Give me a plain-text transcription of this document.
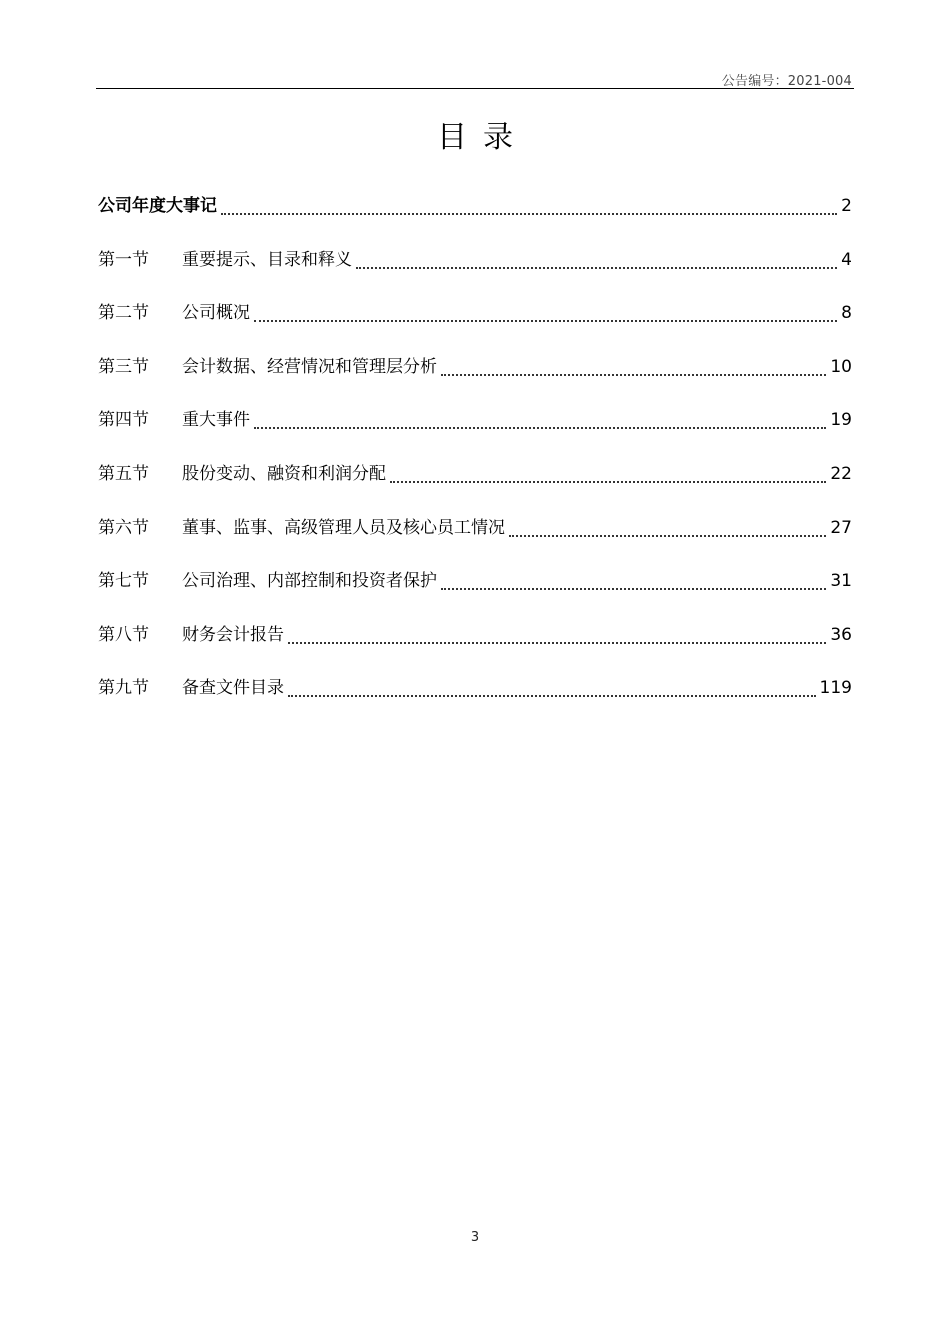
公告编号：2021-004
目录
公司年度大事记	2
第一节	重要提示、目录和释义	4
第二节	公司概况	8
第三节	会计数据、经营情况和管理层分析	10
第四节	重大事件	19
第五节	股份变动、融资和利润分配	22
第六节	董事、监事、高级管理人员及核心员工情况	27
第七节	公司治理、内部控制和投资者保护	31
第八节	财务会计报告	36
第九节	备查文件目录	119
3
